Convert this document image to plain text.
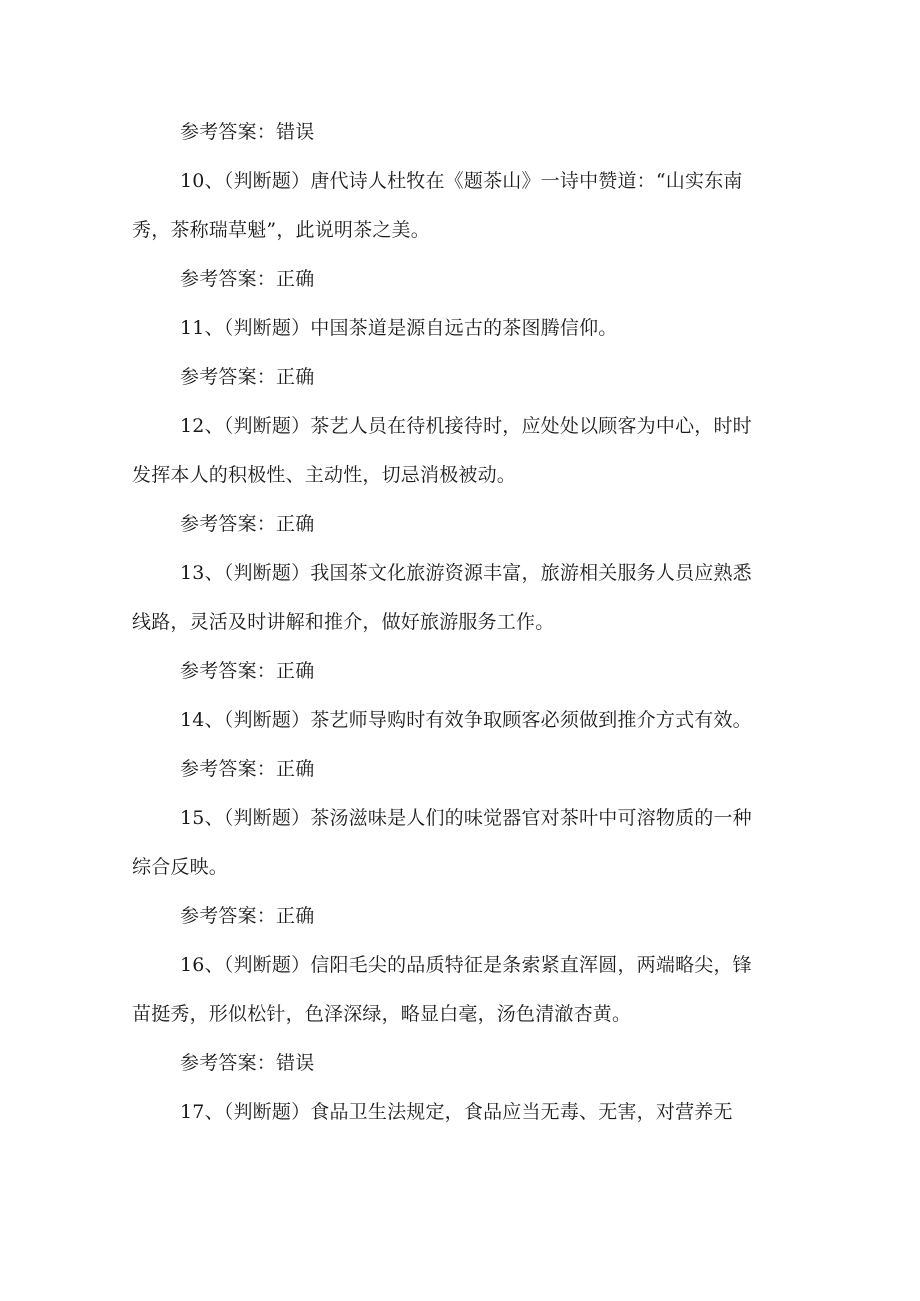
参考答案：错误
10、（判断题）唐代诗人杜牧在《题茶山》一诗中赞道：“山实东南
秀，茶称瑞草魁”，此说明茶之美。
参考答案：正确
11、（判断题）中国茶道是源自远古的茶图腾信仰。
参考答案：正确
12、（判断题）茶艺人员在待机接待时，应处处以顾客为中心，时时
发挥本人的积极性、主动性，切忌消极被动。
参考答案：正确
13、（判断题）我国茶文化旅游资源丰富，旅游相关服务人员应熟悉
线路，灵活及时讲解和推介，做好旅游服务工作。
参考答案：正确
14、（判断题）茶艺师导购时有效争取顾客必须做到推介方式有效。
参考答案：正确
15、（判断题）茶汤滋味是人们的味觉器官对茶叶中可溶物质的一种
综合反映。
参考答案：正确
16、（判断题）信阳毛尖的品质特征是条索紧直浑圆，两端略尖，锋
苗挺秀，形似松针，色泽深绿，略显白毫，汤色清澈杏黄。
参考答案：错误
17、（判断题）食品卫生法规定，食品应当无毒、无害，对营养无
